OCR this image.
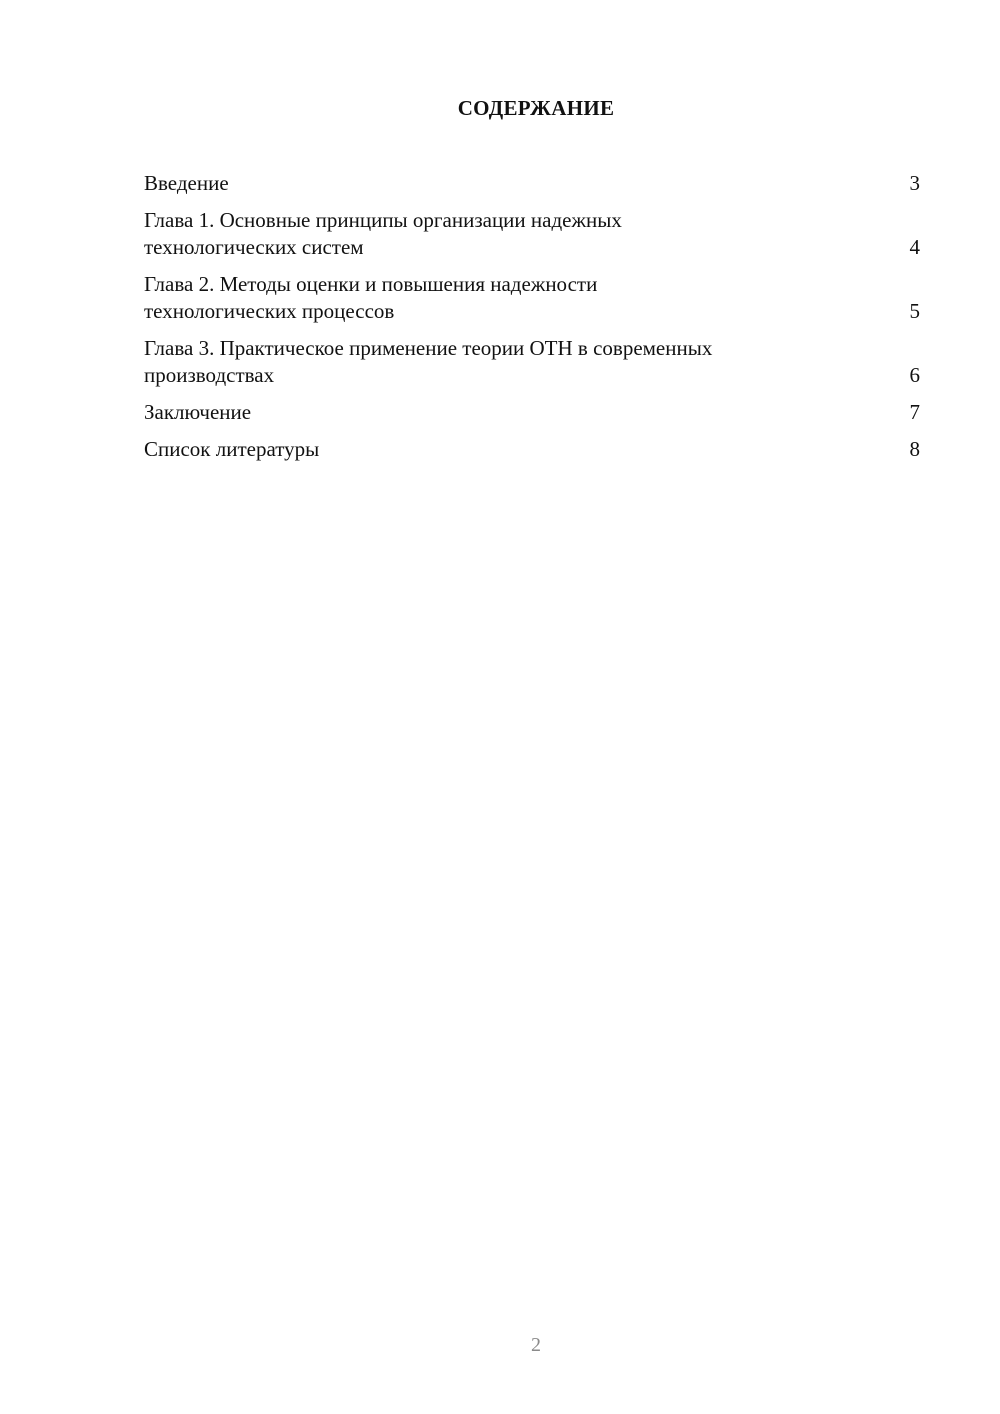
СОДЕРЖАНИЕ
Введение	3
Глава 1. Основные принципы организации надежных
технологических систем	4
Глава 2. Методы оценки и повышения надежности
технологических процессов	5
Глава 3. Практическое применение теории ОТН в современных
производствах	6
Заключение	7
Список литературы	8
2
